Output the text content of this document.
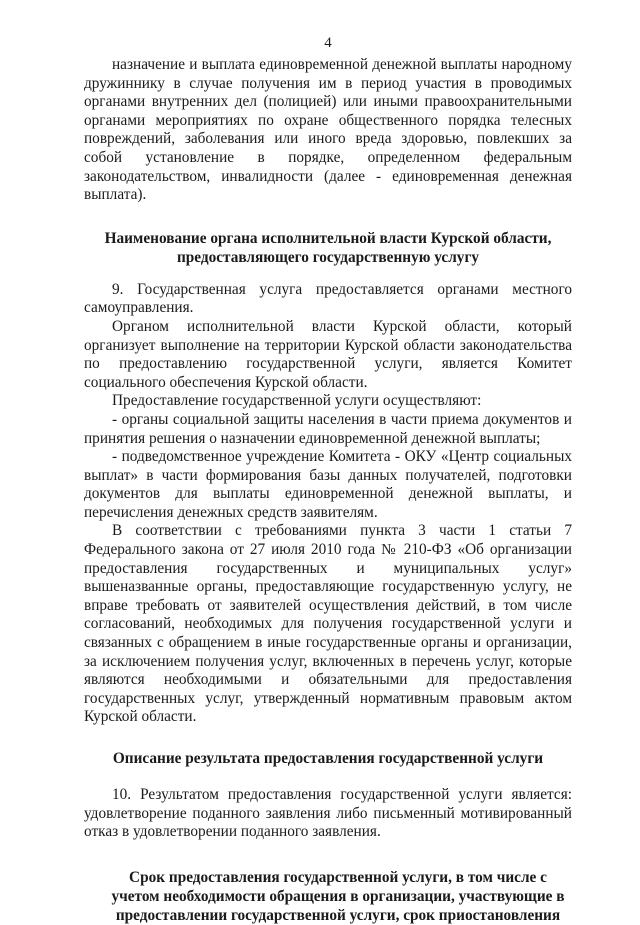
4

назначение и выплата единовременной денежной выплаты народному дружиннику в случае получения им в период участия в проводимых органами внутренних дел (полицией) или иными правоохранительными органами мероприятиях по охране общественного порядка телесных повреждений, заболевания или иного вреда здоровью, повлекших за собой установление в порядке, определенном федеральным законодательством, инвалидности (далее - единовременная денежная выплата).

Наименование органа исполнительной власти Курской области,
предоставляющего государственную услугу

9. Государственная услуга предоставляется органами местного самоуправления.

Органом исполнительной власти Курской области, который организует выполнение на территории Курской области законодательства по предоставлению государственной услуги, является Комитет социального обеспечения Курской области.

Предоставление государственной услуги осуществляют:

- органы социальной защиты населения в части приема документов и принятия решения о назначении единовременной денежной выплаты;

- подведомственное учреждение Комитета - ОКУ «Центр социальных выплат» в части формирования базы данных получателей, подготовки документов для выплаты единовременной денежной выплаты, и перечисления денежных средств заявителям.

В соответствии с требованиями пункта 3 части 1 статьи 7 Федерального закона от 27 июля 2010 года № 210-ФЗ «Об организации предоставления государственных и муниципальных услуг» вышеназванные органы, предоставляющие государственную услугу, не вправе требовать от заявителей осуществления действий, в том числе согласований, необходимых для получения государственной услуги и связанных с обращением в иные государственные органы и организации, за исключением получения услуг, включенных в перечень услуг, которые являются необходимыми и обязательными для предоставления государственных услуг, утвержденный нормативным правовым актом Курской области.

Описание результата предоставления государственной услуги

10. Результатом предоставления государственной услуги является: удовлетворение поданного заявления либо письменный мотивированный отказ в удовлетворении поданного заявления.

Срок предоставления государственной услуги, в том числе с
учетом необходимости обращения в организации, участвующие в
предоставлении государственной услуги, срок приостановления
